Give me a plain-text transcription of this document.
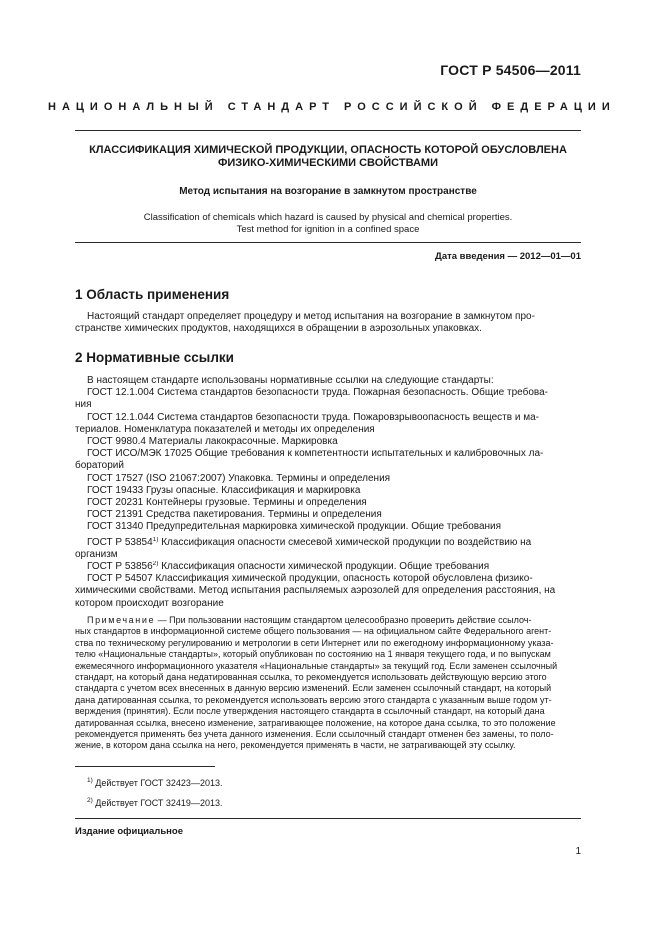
ГОСТ Р 54506—2011
НАЦИОНАЛЬНЫЙ СТАНДАРТ РОССИЙСКОЙ ФЕДЕРАЦИИ
КЛАССИФИКАЦИЯ ХИМИЧЕСКОЙ ПРОДУКЦИИ, ОПАСНОСТЬ КОТОРОЙ ОБУСЛОВЛЕНА
ФИЗИКО-ХИМИЧЕСКИМИ СВОЙСТВАМИ
Метод испытания на возгорание в замкнутом пространстве
Classification of chemicals which hazard is caused by physical and chemical properties.
Test method for ignition in a confined space
Дата введения — 2012—01—01
1 Область применения
Настоящий стандарт определяет процедуру и метод испытания на возгорание в замкнутом про-
странстве химических продуктов, находящихся в обращении в аэрозольных упаковках.
2 Нормативные ссылки
В настоящем стандарте использованы нормативные ссылки на следующие стандарты:
ГОСТ 12.1.004 Система стандартов безопасности труда. Пожарная безопасность. Общие требова-
ния
ГОСТ 12.1.044 Система стандартов безопасности труда. Пожаровзрывоопасность веществ и ма-
териалов. Номенклатура показателей и методы их определения
ГОСТ 9980.4 Материалы лакокрасочные. Маркировка
ГОСТ ИСО/МЭК 17025 Общие требования к компетентности испытательных и калибровочных ла-
бораторий
ГОСТ 17527 (ISO 21067:2007) Упаковка. Термины и определения
ГОСТ 19433 Грузы опасные. Классификация и маркировка
ГОСТ 20231 Контейнеры грузовые. Термины и определения
ГОСТ 21391 Средства пакетирования. Термины и определения
ГОСТ 31340 Предупредительная маркировка химической продукции. Общие требования
ГОСТ Р 53854$^{1)}$ Классификация опасности смесевой химической продукции по воздействию на
организм
ГОСТ Р 53856$^{2)}$ Классификация опасности химической продукции. Общие требования
ГОСТ Р 54507 Классификация химической продукции, опасность которой обусловлена физико-
химическими свойствами. Метод испытания распыляемых аэрозолей для определения расстояния, на
котором происходит возгорание
Примечание — При пользовании настоящим стандартом целесообразно проверить действие ссылоч-
ных стандартов в информационной системе общего пользования — на официальном сайте Федерального агент-
ства по техническому регулированию и метрологии в сети Интернет или по ежегодному информационному указа-
телю «Национальные стандарты», который опубликован по состоянию на 1 января текущего года, и по выпускам
ежемесячного информационного указателя «Национальные стандарты» за текущий год. Если заменен ссылочный
стандарт, на который дана недатированная ссылка, то рекомендуется использовать действующую версию этого
стандарта с учетом всех внесенных в данную версию изменений. Если заменен ссылочный стандарт, на который
дана датированная ссылка, то рекомендуется использовать версию этого стандарта с указанным выше годом ут-
верждения (принятия). Если после утверждения настоящего стандарта в ссылочный стандарт, на который дана
датированная ссылка, внесено изменение, затрагивающее положение, на которое дана ссылка, то это положение
рекомендуется применять без учета данного изменения. Если ссылочный стандарт отменен без замены, то поло-
жение, в котором дана ссылка на него, рекомендуется применять в части, не затрагивающей эту ссылку.
$^{1)}$ Действует ГОСТ 32423—2013.
$^{2)}$ Действует ГОСТ 32419—2013.
Издание официальное
1
